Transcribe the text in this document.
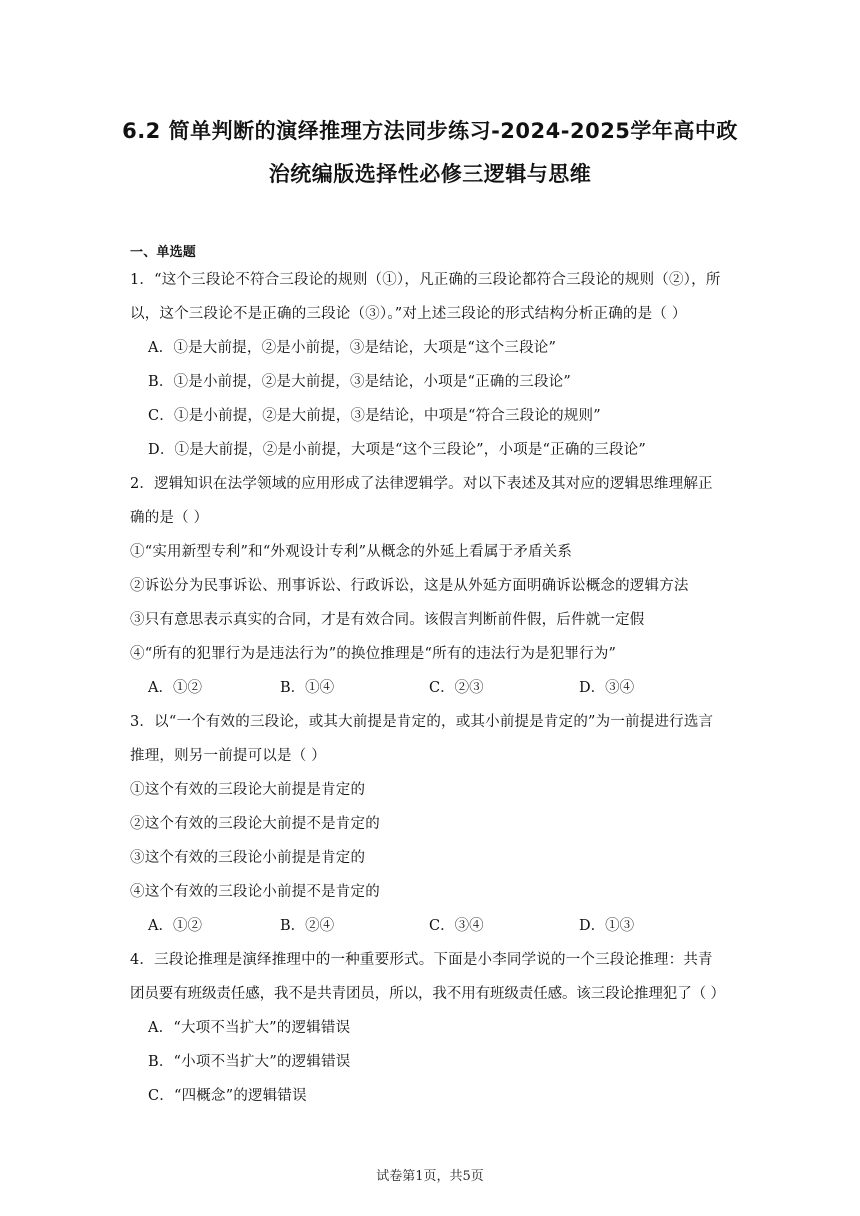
6.2 简单判断的演绎推理方法同步练习-2024-2025学年高中政
治统编版选择性必修三逻辑与思维
一、单选题
1．“这个三段论不符合三段论的规则（①），凡正确的三段论都符合三段论的规则（②），所
以，这个三段论不是正确的三段论（③）。”对上述三段论的形式结构分析正确的是（ ）
A．①是大前提，②是小前提，③是结论，大项是“这个三段论”
B．①是小前提，②是大前提，③是结论，小项是“正确的三段论”
C．①是小前提，②是大前提，③是结论，中项是“符合三段论的规则”
D．①是大前提，②是小前提，大项是“这个三段论”，小项是“正确的三段论”
2．逻辑知识在法学领域的应用形成了法律逻辑学。对以下表述及其对应的逻辑思维理解正
确的是（ ）
①“实用新型专利”和“外观设计专利”从概念的外延上看属于矛盾关系
②诉讼分为民事诉讼、刑事诉讼、行政诉讼，这是从外延方面明确诉讼概念的逻辑方法
③只有意思表示真实的合同，才是有效合同。该假言判断前件假，后件就一定假
④“所有的犯罪行为是违法行为”的换位推理是“所有的违法行为是犯罪行为”
A．①②	B．①④	C．②③	D．③④
3．以“一个有效的三段论，或其大前提是肯定的，或其小前提是肯定的”为一前提进行选言
推理，则另一前提可以是（ ）
①这个有效的三段论大前提是肯定的
②这个有效的三段论大前提不是肯定的
③这个有效的三段论小前提是肯定的
④这个有效的三段论小前提不是肯定的
A．①②	B．②④	C．③④	D．①③
4．三段论推理是演绎推理中的一种重要形式。下面是小李同学说的一个三段论推理：共青
团员要有班级责任感，我不是共青团员，所以，我不用有班级责任感。该三段论推理犯了（ ）
A．“大项不当扩大”的逻辑错误
B．“小项不当扩大”的逻辑错误
C．“四概念”的逻辑错误
试卷第1页，共5页
